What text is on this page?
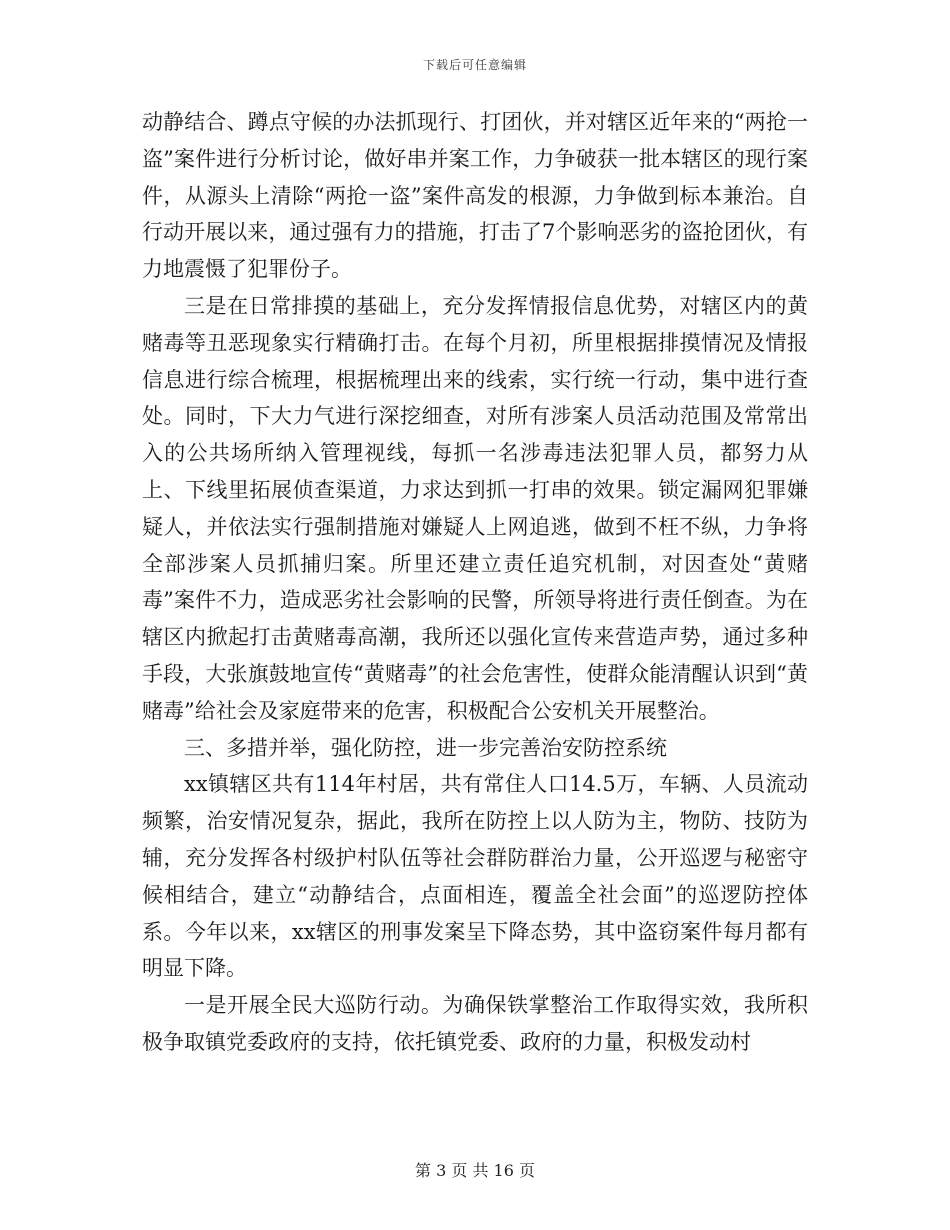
下载后可任意编辑

动静结合、蹲点守候的办法抓现行、打团伙，并对辖区近年来的“两抢一盗”案件进行分析讨论，做好串并案工作，力争破获一批本辖区的现行案件，从源头上清除“两抢一盗”案件高发的根源，力争做到标本兼治。自行动开展以来，通过强有力的措施，打击了7个影响恶劣的盗抢团伙，有力地震慑了犯罪份子。

三是在日常排摸的基础上，充分发挥情报信息优势，对辖区内的黄赌毒等丑恶现象实行精确打击。在每个月初，所里根据排摸情况及情报信息进行综合梳理，根据梳理出来的线索，实行统一行动，集中进行查处。同时，下大力气进行深挖细查，对所有涉案人员活动范围及常常出入的公共场所纳入管理视线，每抓一名涉毒违法犯罪人员，都努力从上、下线里拓展侦查渠道，力求达到抓一打串的效果。锁定漏网犯罪嫌疑人，并依法实行强制措施对嫌疑人上网追逃，做到不枉不纵，力争将全部涉案人员抓捕归案。所里还建立责任追究机制，对因查处“黄赌毒”案件不力，造成恶劣社会影响的民警，所领导将进行责任倒查。为在辖区内掀起打击黄赌毒高潮，我所还以强化宣传来营造声势，通过多种手段，大张旗鼓地宣传“黄赌毒”的社会危害性，使群众能清醒认识到“黄赌毒”给社会及家庭带来的危害，积极配合公安机关开展整治。

三、多措并举，强化防控，进一步完善治安防控系统

xx镇辖区共有114年村居，共有常住人口14.5万，车辆、人员流动频繁，治安情况复杂，据此，我所在防控上以人防为主，物防、技防为辅，充分发挥各村级护村队伍等社会群防群治力量，公开巡逻与秘密守候相结合，建立“动静结合，点面相连，覆盖全社会面”的巡逻防控体系。今年以来，xx辖区的刑事发案呈下降态势，其中盗窃案件每月都有明显下降。

一是开展全民大巡防行动。为确保铁掌整治工作取得实效，我所积极争取镇党委政府的支持，依托镇党委、政府的力量，积极发动村

第 3 页 共 16 页
